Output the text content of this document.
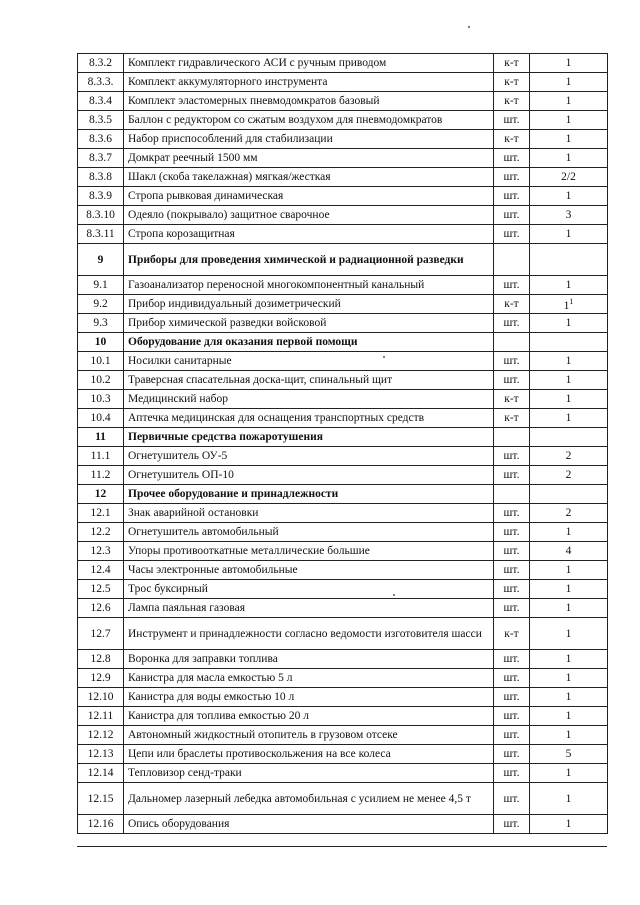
8.3.2	Комплект гидравлического АСИ с ручным приводом	к-т	1
8.3.3.	Комплект аккумуляторного инструмента	к-т	1
8.3.4	Комплект эластомерных пневмодомкратов базовый	к-т	1
8.3.5	Баллон с редуктором со сжатым воздухом для пневмодомкратов	шт.	1
8.3.6	Набор приспособлений для стабилизации	к-т	1
8.3.7	Домкрат реечный 1500 мм	шт.	1
8.3.8	Шакл (скоба такелажная) мягкая/жесткая	шт.	2/2
8.3.9	Стропа рывковая динамическая	шт.	1
8.3.10	Одеяло (покрывало) защитное сварочное	шт.	3
8.3.11	Стропа корозащитная	шт.	1
9	Приборы для проведения химической и радиационной разведки		
9.1	Газоанализатор переносной многокомпонентный канальный	шт.	1
9.2	Прибор индивидуальный дозиметрический	к-т	$1^1$
9.3	Прибор химической разведки войсковой	шт.	1
10	Оборудование для оказания первой помощи		
10.1	Носилки санитарные	шт.	1
10.2	Траверсная спасательная доска-щит, спинальный щит	шт.	1
10.3	Медицинский набор	к-т	1
10.4	Аптечка медицинская для оснащения транспортных средств	к-т	1
11	Первичные средства пожаротушения		
11.1	Огнетушитель ОУ-5	шт.	2
11.2	Огнетушитель ОП-10	шт.	2
12	Прочее оборудование и принадлежности		
12.1	Знак аварийной остановки	шт.	2
12.2	Огнетушитель автомобильный	шт.	1
12.3	Упоры противооткатные металлические большие	шт.	4
12.4	Часы электронные автомобильные	шт.	1
12.5	Трос буксирный	шт.	1
12.6	Лампа паяльная газовая	шт.	1
12.7	Инструмент и принадлежности согласно ведомости изготовителя шасси	к-т	1
12.8	Воронка для заправки топлива	шт.	1
12.9	Канистра для масла емкостью 5 л	шт.	1
12.10	Канистра для воды емкостью 10 л	шт.	1
12.11	Канистра для топлива емкостью 20 л	шт.	1
12.12	Автономный жидкостный отопитель в грузовом отсеке	шт.	1
12.13	Цепи или браслеты противоскольжения на все колеса	шт.	5
12.14	Тепловизор сенд-траки	шт.	1
12.15	Дальномер лазерный лебедка автомобильная с усилием не менее 4,5 т	шт.	1
12.16	Опись оборудования	шт.	1
